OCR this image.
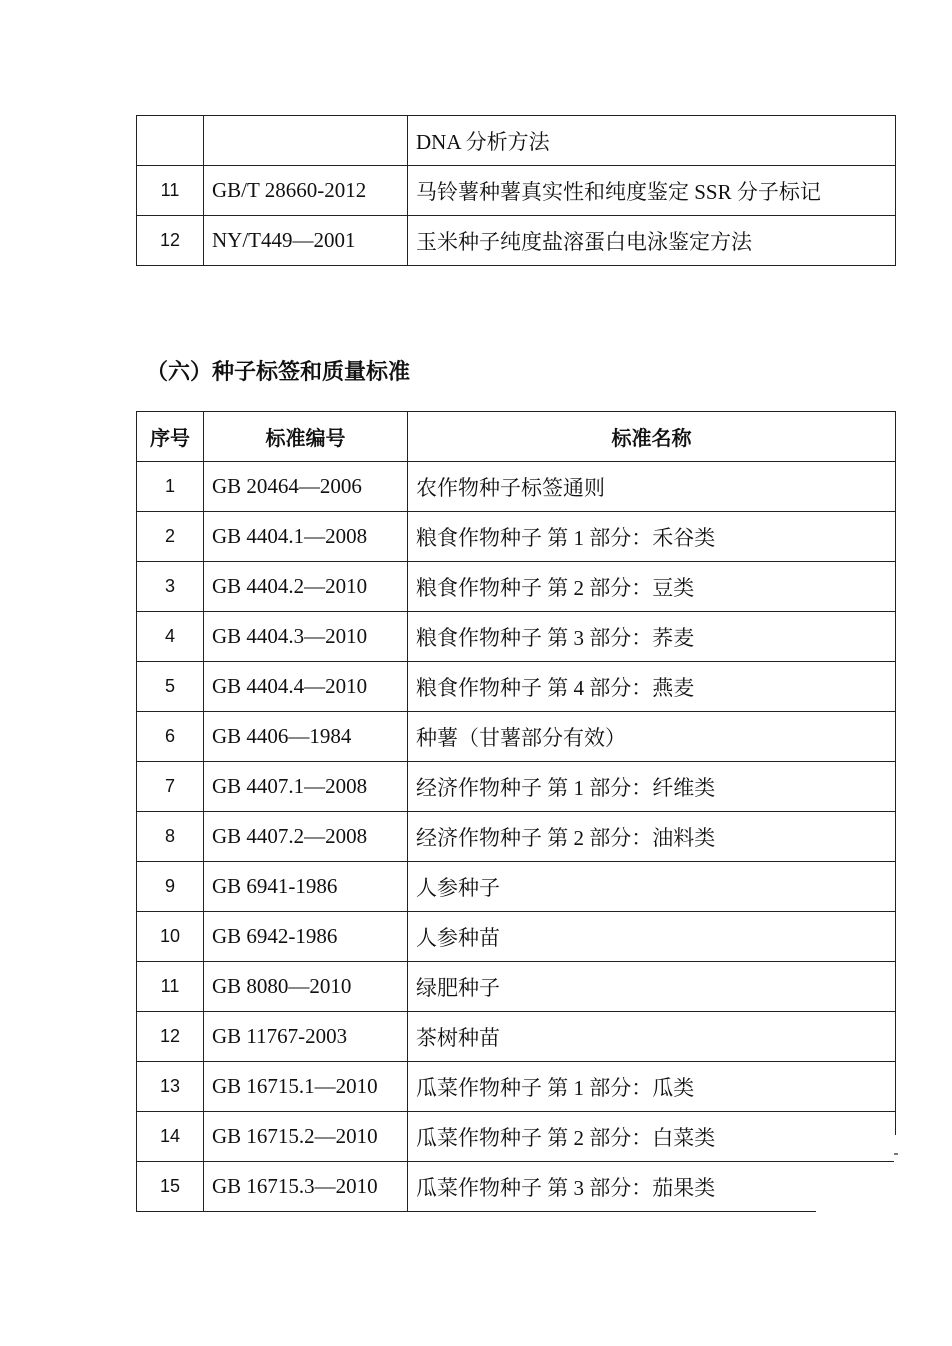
		DNA 分析方法
11	GB/T 28660-2012	马铃薯种薯真实性和纯度鉴定 SSR 分子标记
12	NY/T449—2001	玉米种子纯度盐溶蛋白电泳鉴定方法
（六）种子标签和质量标准
序号	标准编号	标准名称
1	GB 20464—2006	农作物种子标签通则
2	GB 4404.1—2008	粮食作物种子 第 1 部分：禾谷类
3	GB 4404.2—2010	粮食作物种子 第 2 部分：豆类
4	GB 4404.3—2010	粮食作物种子 第 3 部分：荞麦
5	GB 4404.4—2010	粮食作物种子 第 4 部分：燕麦
6	GB 4406—1984	种薯（甘薯部分有效）
7	GB 4407.1—2008	经济作物种子 第 1 部分：纤维类
8	GB 4407.2—2008	经济作物种子 第 2 部分：油料类
9	GB 6941-1986	人参种子
10	GB 6942-1986	人参种苗
11	GB 8080—2010	绿肥种子
12	GB 11767-2003	茶树种苗
13	GB 16715.1—2010	瓜菜作物种子 第 1 部分：瓜类
14	GB 16715.2—2010	瓜菜作物种子 第 2 部分：白菜类
15	GB 16715.3—2010	瓜菜作物种子 第 3 部分：茄果类
